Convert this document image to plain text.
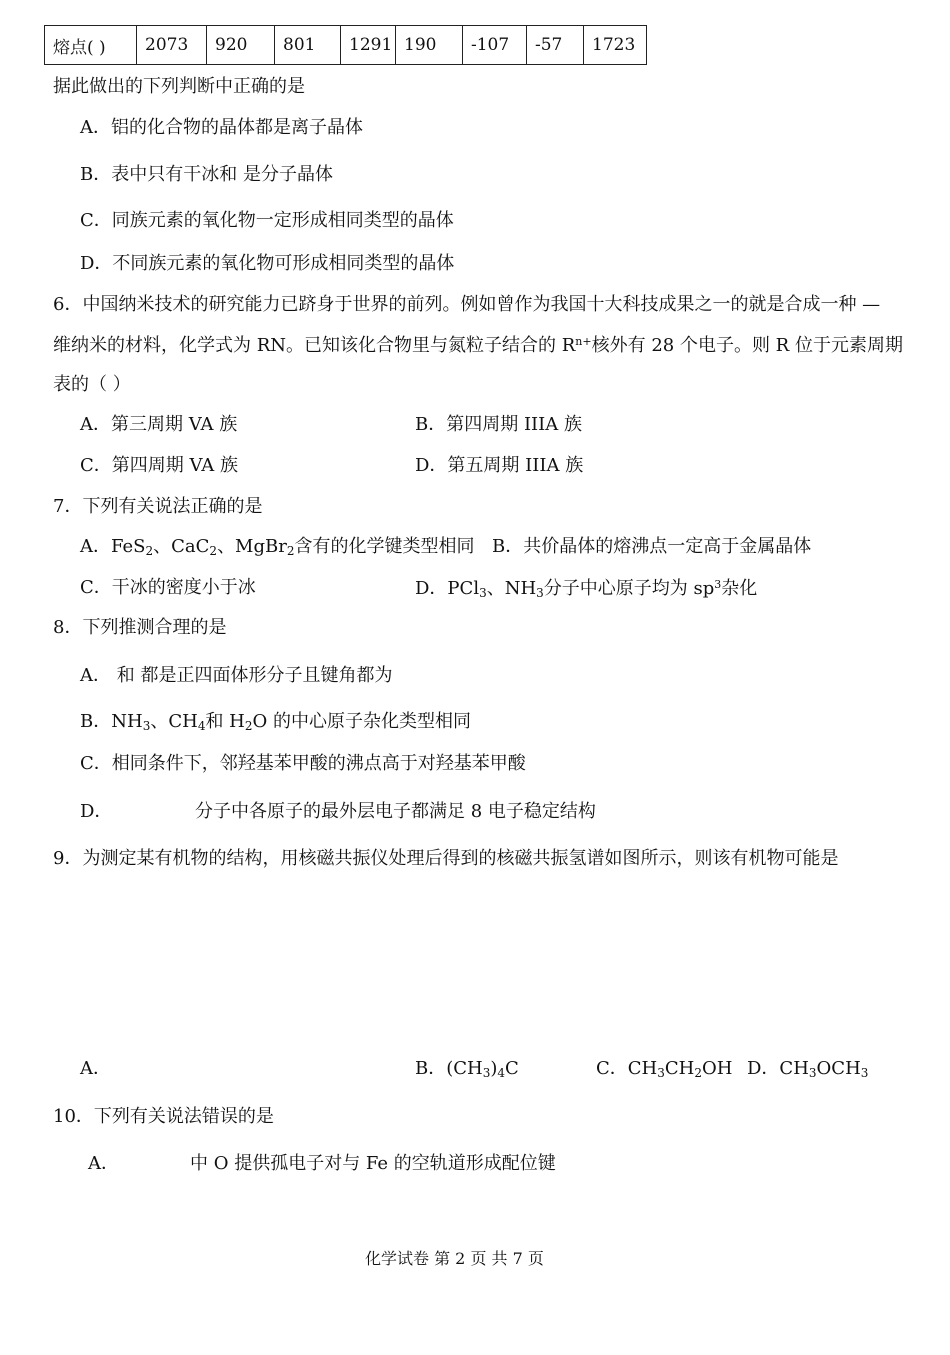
熔点( )	2073	920	801	1291	190	-107	-57	1723
据此做出的下列判断中正确的是
A．铝的化合物的晶体都是离子晶体
B．表中只有干冰和 是分子晶体
C．同族元素的氧化物一定形成相同类型的晶体
D．不同族元素的氧化物可形成相同类型的晶体
6．中国纳米技术的研究能力已跻身于世界的前列。例如曾作为我国十大科技成果之一的就是合成一种 —
维纳米的材料，化学式为 RN。已知该化合物里与氮粒子结合的 $R^{n+}$核外有 28 个电子。则 R 位于元素周期
表的（ ）
A．第三周期 VA 族	B．第四周期 IIIA 族
C．第四周期 VA 族	D．第五周期 IIIA 族
7．下列有关说法正确的是
A．FeS$_2$、CaC$_2$、MgBr$_2$含有的化学键类型相同 B．共价晶体的熔沸点一定高于金属晶体
C．干冰的密度小于冰	D．PCl$_3$、$NH_3$分子中心原子均为 $sp^3$杂化
8．下列推测合理的是
A． 和 都是正四面体形分子且键角都为
B．$NH_3$、$CH_4$和 $H_2O$ 的中心原子杂化类型相同
C．相同条件下，邻羟基苯甲酸的沸点高于对羟基苯甲酸
D．	分子中各原子的最外层电子都满足 8 电子稳定结构
9．为测定某有机物的结构，用核磁共振仪处理后得到的核磁共振氢谱如图所示，则该有机物可能是
A．	B．$(CH_3)_4C$	C．$CH_3CH_2OH$ D．$CH_3OCH_3$
10．下列有关说法错误的是
A．	中 O 提供孤电子对与 Fe 的空轨道形成配位键
化学试卷 第 2 页 共 7 页
